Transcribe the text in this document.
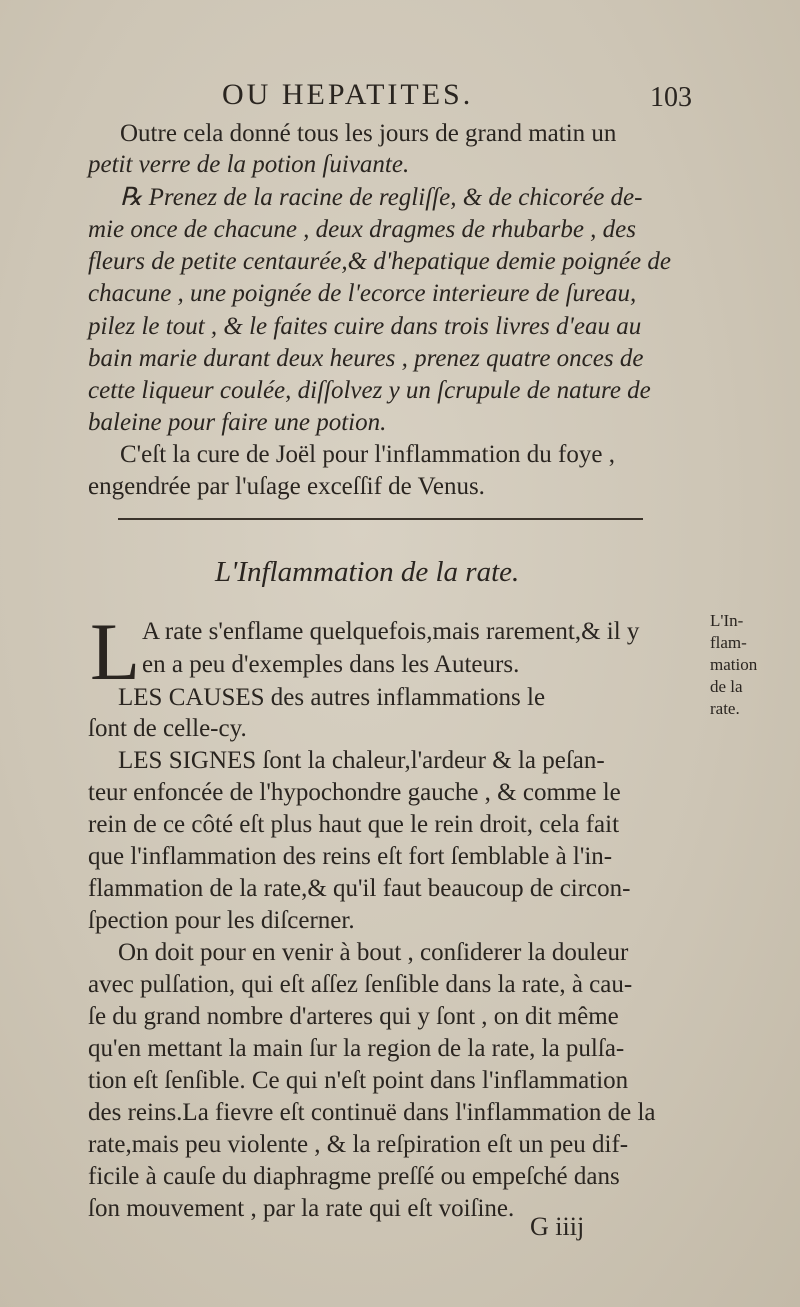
OU HEPATITES.	103
Outre cela donné tous les jours de grand matin un
petit verre de la potion ſuivante.
℞ Prenez de la racine de regliſſe, & de chicorée de-
mie once de chacune , deux dragmes de rhubarbe , des
fleurs de petite centaurée,& d'hepatique demie poignée de
chacune , une poignée de l'ecorce interieure de ſureau,
pilez le tout , & le faites cuire dans trois livres d'eau au
bain marie durant deux heures , prenez quatre onces de
cette liqueur coulée, diſſolvez y un ſcrupule de nature de
baleine pour faire une potion.
C'eſt la cure de Joël pour l'inflammation du foye ,
engendrée par l'uſage exceſſif de Venus.
L'Inflammation de la rate.
L	L'In-
flam-
mation
de la
rate.
A rate s'enflame quelquefois,mais rarement,& il y
en a peu d'exemples dans les Auteurs.
LES CAUSES des autres inflammations le
ſont de celle-cy.
LES SIGNES ſont la chaleur,l'ardeur & la peſan-
teur enfoncée de l'hypochondre gauche , & comme le
rein de ce côté eſt plus haut que le rein droit, cela fait
que l'inflammation des reins eſt fort ſemblable à l'in-
flammation de la rate,& qu'il faut beaucoup de circon-
ſpection pour les diſcerner.
On doit pour en venir à bout , conſiderer la douleur
avec pulſation, qui eſt aſſez ſenſible dans la rate, à cau-
ſe du grand nombre d'arteres qui y ſont , on dit même
qu'en mettant la main ſur la region de la rate, la pulſa-
tion eſt ſenſible. Ce qui n'eſt point dans l'inflammation
des reins.La fievre eſt continuë dans l'inflammation de la
rate,mais peu violente , & la reſpiration eſt un peu dif-
ficile à cauſe du diaphragme preſſé ou empeſché dans
ſon mouvement , par la rate qui eſt voiſine.
G iiij
